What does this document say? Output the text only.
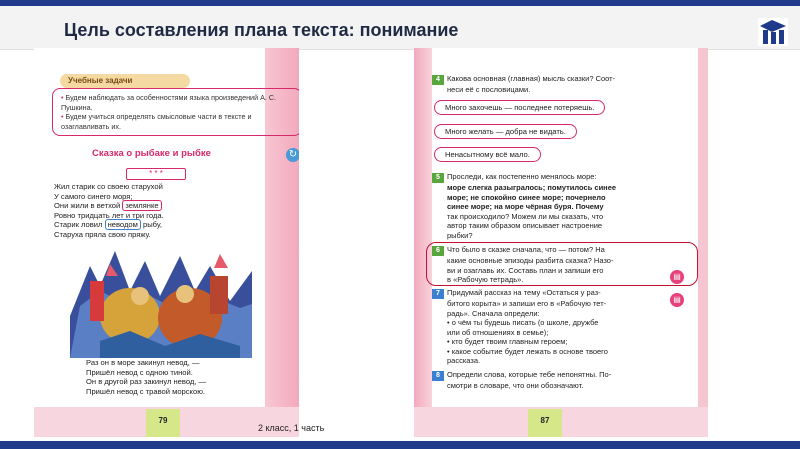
Цель составления плана текста: понимание
Учебные задачи
• Будем наблюдать за особенностями языка произведений А. С. Пушкина.
• Будем учиться определять смысловые части в тексте и озаглавливать их.
Сказка о рыбаке и рыбке	↻
* * *
Жил старик со своею старухой
У самого синего моря;
Они жили в ветхой землянке
Ровно тридцать лет и три года.
Старик ловил неводом рыбу,
Старуха пряла свою пряжу.
Раз он в море закинул невод, —
Пришёл невод с одною тиной.
Он в другой раз закинул невод, —
Пришёл невод с травой морскою.
79
4 Какова основная (главная) мысль сказки? Соот-
неси её с пословицами.
Много захочешь — последнее потеряешь.
Много желать — добра не видать.
Ненасытному всё мало.
5 Проследи, как постепенно менялось море:
море слегка разыгралось; помутилось синее
море; не спокойно синее море; почернело
синее море; на море чёрная буря. Почему
так происходило? Можем ли мы сказать, что
автор таким образом описывает настроение
рыбки?
6 Что было в сказке сначала, что — потом? На
какие основные эпизоды разбита сказка? Назо-
ви и озаглавь их. Составь план и запиши его
в «Рабочую тетрадь».	▤
▤
7 Придумай рассказ на тему «Остаться у раз-
битого корыта» и запиши его в «Рабочую тет-
радь». Сначала определи:
• о чём ты будешь писать (о школе, дружбе
или об отношениях в семье);
• кто будет твоим главным героем;
• какое событие будет лежать в основе твоего
рассказа.
8 Определи слова, которые тебе непонятны. По-
смотри в словаре, что они обозначают.
87
2 класс, 1 часть
